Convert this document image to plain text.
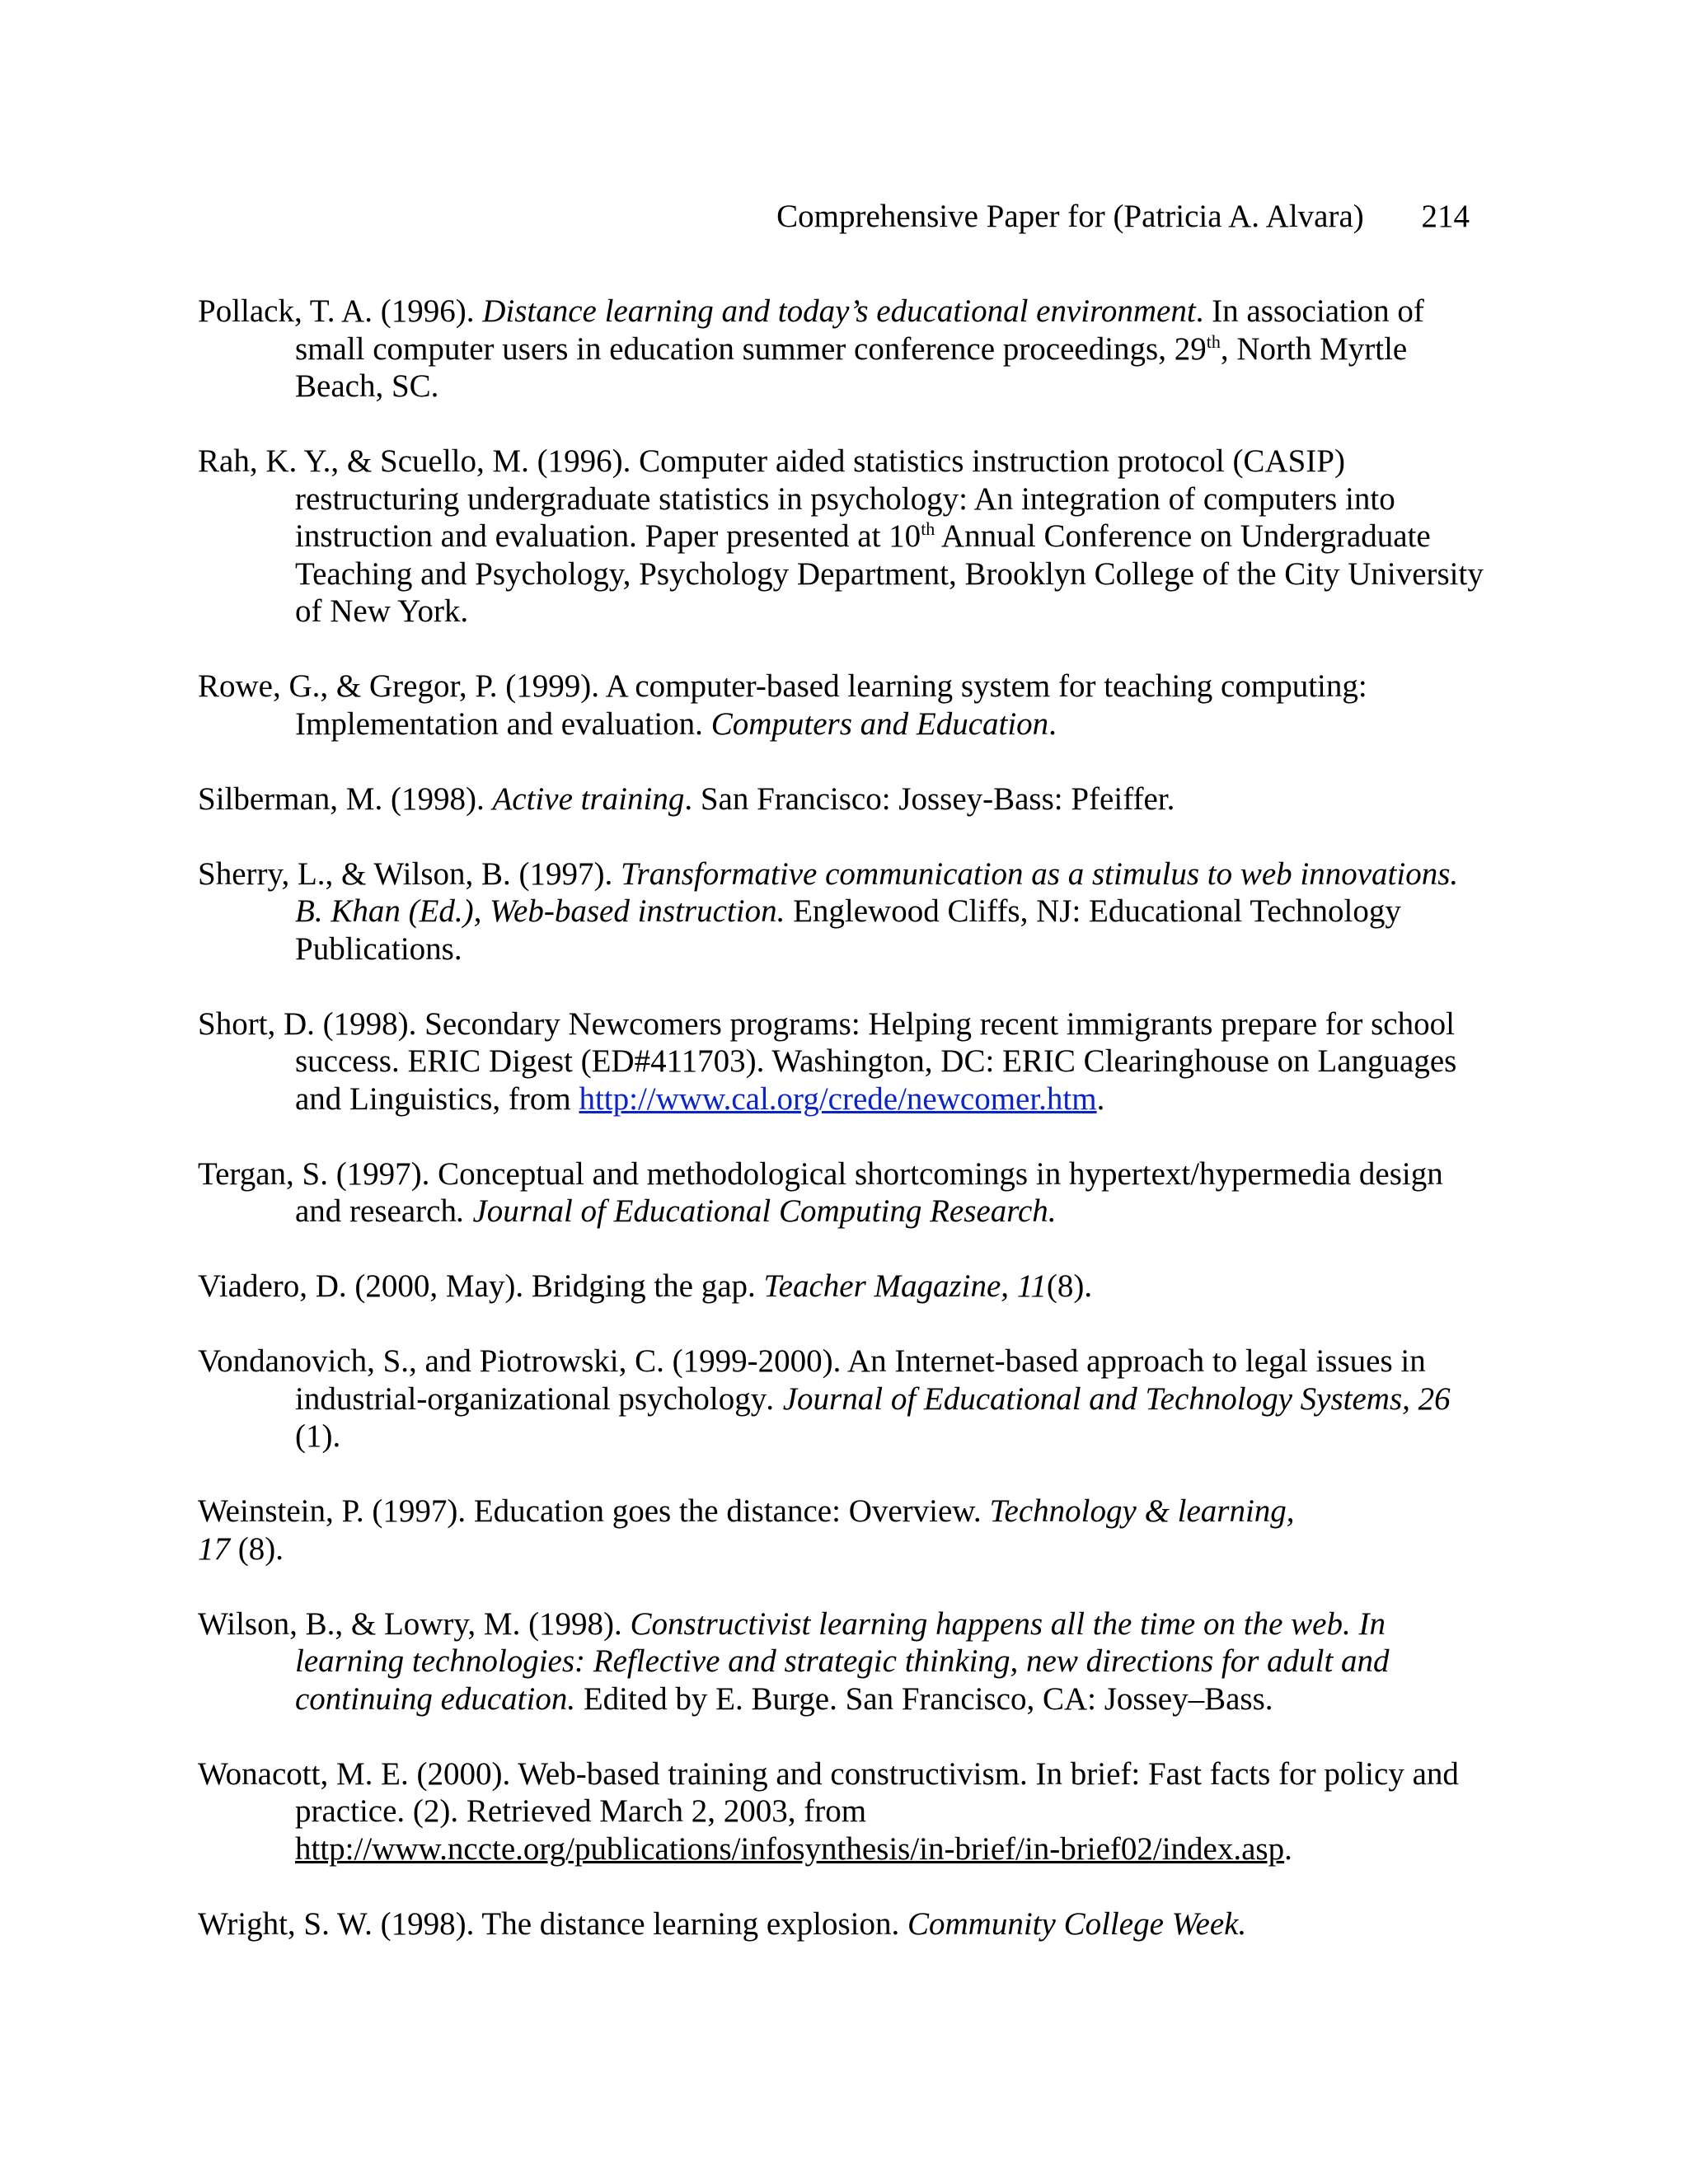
Comprehensive Paper for (Patricia A. Alvara) 214
Pollack, T. A. (1996). Distance learning and today’s educational environment. In association of small computer users in education summer conference proceedings, 29th, North Myrtle Beach, SC.
Rah, K. Y., & Scuello, M. (1996). Computer aided statistics instruction protocol (CASIP) restructuring undergraduate statistics in psychology: An integration of computers into instruction and evaluation. Paper presented at 10th Annual Conference on Undergraduate Teaching and Psychology, Psychology Department, Brooklyn College of the City University of New York.
Rowe, G., & Gregor, P. (1999). A computer-based learning system for teaching computing: Implementation and evaluation. Computers and Education.
Silberman, M. (1998). Active training. San Francisco: Jossey-Bass: Pfeiffer.
Sherry, L., & Wilson, B. (1997). Transformative communication as a stimulus to web innovations. B. Khan (Ed.), Web-based instruction. Englewood Cliffs, NJ: Educational Technology Publications.
Short, D. (1998). Secondary Newcomers programs: Helping recent immigrants prepare for school success. ERIC Digest (ED#411703). Washington, DC: ERIC Clearinghouse on Languages and Linguistics, from http://www.cal.org/crede/newcomer.htm.
Tergan, S. (1997). Conceptual and methodological shortcomings in hypertext/hypermedia design and research. Journal of Educational Computing Research.
Viadero, D. (2000, May). Bridging the gap. Teacher Magazine, 11(8).
Vondanovich, S., and Piotrowski, C. (1999-2000). An Internet-based approach to legal issues in industrial-organizational psychology. Journal of Educational and Technology Systems, 26 (1).
Weinstein, P. (1997). Education goes the distance: Overview. Technology & learning,
17 (8).
Wilson, B., & Lowry, M. (1998). Constructivist learning happens all the time on the web. In learning technologies: Reflective and strategic thinking, new directions for adult and continuing education. Edited by E. Burge. San Francisco, CA: Jossey–Bass.
Wonacott, M. E. (2000). Web-based training and constructivism. In brief: Fast facts for policy and practice. (2). Retrieved March 2, 2003, from http://www.nccte.org/publications/infosynthesis/in-brief/in-brief02/index.asp.
Wright, S. W. (1998). The distance learning explosion. Community College Week.
